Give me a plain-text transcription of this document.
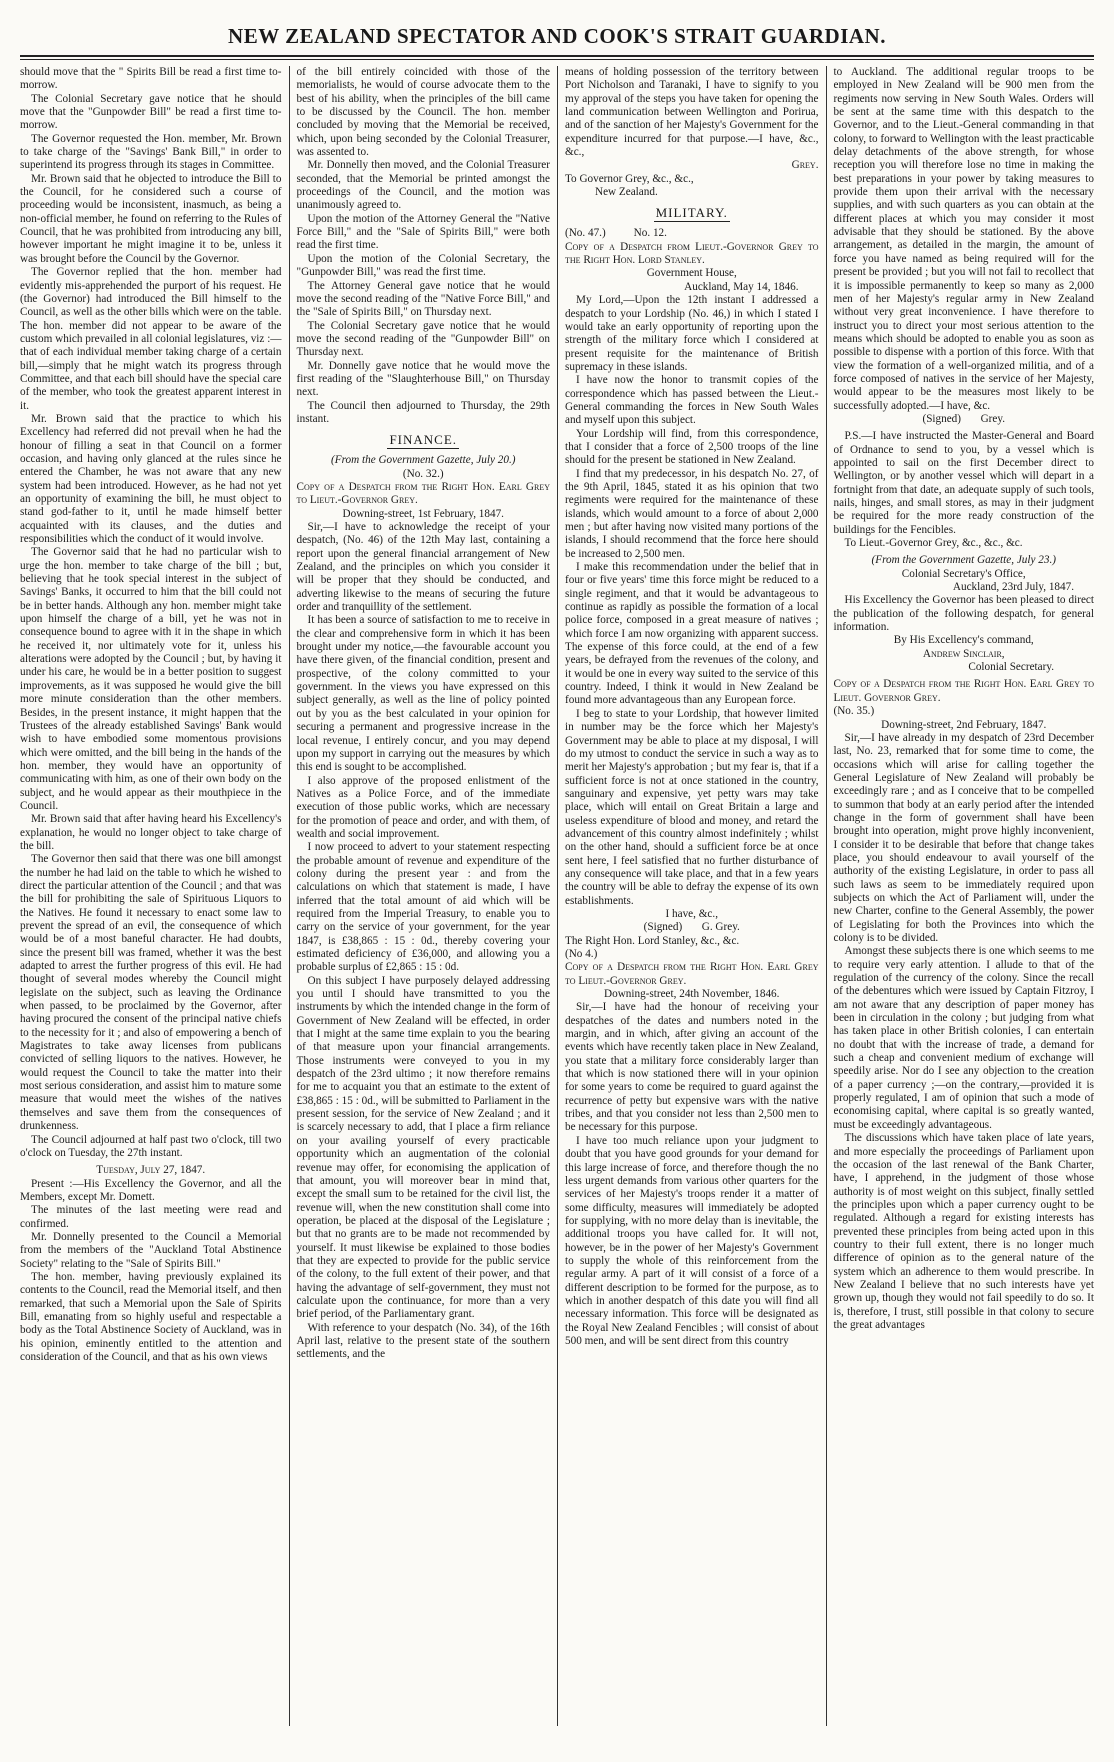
NEW ZEALAND SPECTATOR AND COOK'S STRAIT GUARDIAN.

should move that the " Spirits Bill be read a first time to-morrow.

The Colonial Secretary gave notice that he should move that the "Gunpowder Bill" be read a first time to-morrow.

The Governor requested the Hon. member, Mr. Brown to take charge of the "Savings' Bank Bill," in order to superintend its progress through its stages in Committee.

Mr. Brown said that he objected to introduce the Bill to the Council, for he considered such a course of proceeding would be inconsistent, inasmuch, as being a non-official member, he found on referring to the Rules of Council, that he was prohibited from introducing any bill, however important he might imagine it to be, unless it was brought before the Council by the Governor.

The Governor replied that the hon. member had evidently mis-apprehended the purport of his request. He (the Governor) had introduced the Bill himself to the Council, as well as the other bills which were on the table. The hon. member did not appear to be aware of the custom which prevailed in all colonial legislatures, viz :—that of each individual member taking charge of a certain bill,—simply that he might watch its progress through Committee, and that each bill should have the special care of the member, who took the greatest apparent interest in it.

Mr. Brown said that the practice to which his Excellency had referred did not prevail when he had the honour of filling a seat in that Council on a former occasion, and having only glanced at the rules since he entered the Chamber, he was not aware that any new system had been introduced. However, as he had not yet an opportunity of examining the bill, he must object to stand god-father to it, until he made himself better acquainted with its clauses, and the duties and responsibilities which the conduct of it would involve.

The Governor said that he had no particular wish to urge the hon. member to take charge of the bill ; but, believing that he took special interest in the subject of Savings' Banks, it occurred to him that the bill could not be in better hands. Although any hon. member might take upon himself the charge of a bill, yet he was not in consequence bound to agree with it in the shape in which he received it, nor ultimately vote for it, unless his alterations were adopted by the Council ; but, by having it under his care, he would be in a better position to suggest improvements, as it was supposed he would give the bill more minute consideration than the other members. Besides, in the present instance, it might happen that the Trustees of the already established Savings' Bank would wish to have embodied some momentous provisions which were omitted, and the bill being in the hands of the hon. member, they would have an opportunity of communicating with him, as one of their own body on the subject, and he would appear as their mouthpiece in the Council.

Mr. Brown said that after having heard his Excellency's explanation, he would no longer object to take charge of the bill.

The Governor then said that there was one bill amongst the number he had laid on the table to which he wished to direct the particular attention of the Council ; and that was the bill for prohibiting the sale of Spirituous Liquors to the Natives. He found it necessary to enact some law to prevent the spread of an evil, the consequence of which would be of a most baneful character. He had doubts, since the present bill was framed, whether it was the best adapted to arrest the further progress of this evil. He had thought of several modes whereby the Council might legislate on the subject, such as leaving the Ordinance when passed, to be proclaimed by the Governor, after having procured the consent of the principal native chiefs to the necessity for it ; and also of empowering a bench of Magistrates to take away licenses from publicans convicted of selling liquors to the natives. However, he would request the Council to take the matter into their most serious consideration, and assist him to mature some measure that would meet the wishes of the natives themselves and save them from the consequences of drunkenness.

The Council adjourned at half past two o'clock, till two o'clock on Tuesday, the 27th instant.

Tuesday, July 27, 1847.

Present :—His Excellency the Governor, and all the Members, except Mr. Domett.

The minutes of the last meeting were read and confirmed.

Mr. Donnelly presented to the Council a Memorial from the members of the "Auckland Total Abstinence Society" relating to the "Sale of Spirits Bill."

The hon. member, having previously explained its contents to the Council, read the Memorial itself, and then remarked, that such a Memorial upon the Sale of Spirits Bill, emanating from so highly useful and respectable a body as the Total Abstinence Society of Auckland, was in his opinion, eminently entitled to the attention and consideration of the Council, and that as his own views

of the bill entirely coincided with those of the memorialists, he would of course advocate them to the best of his ability, when the principles of the bill came to be discussed by the Council. The hon. member concluded by moving that the Memorial be received, which, upon being seconded by the Colonial Treasurer, was assented to.

Mr. Donnelly then moved, and the Colonial Treasurer seconded, that the Memorial be printed amongst the proceedings of the Council, and the motion was unanimously agreed to.

Upon the motion of the Attorney General the "Native Force Bill," and the "Sale of Spirits Bill," were both read the first time.

Upon the motion of the Colonial Secretary, the "Gunpowder Bill," was read the first time.

The Attorney General gave notice that he would move the second reading of the "Native Force Bill," and the "Sale of Spirits Bill," on Thursday next.

The Colonial Secretary gave notice that he would move the second reading of the "Gunpowder Bill" on Thursday next.

Mr. Donnelly gave notice that he would move the first reading of the "Slaughterhouse Bill," on Thursday next.

The Council then adjourned to Thursday, the 29th instant.

FINANCE.

(From the Government Gazette, July 20.)

(No. 32.)

Copy of a Despatch from the Right Hon. Earl Grey to Lieut.-Governor Grey.

Downing-street, 1st February, 1847.

Sir,—I have to acknowledge the receipt of your despatch, (No. 46) of the 12th May last, containing a report upon the general financial arrangement of New Zealand, and the principles on which you consider it will be proper that they should be conducted, and adverting likewise to the means of securing the future order and tranquillity of the settlement.

It has been a source of satisfaction to me to receive in the clear and comprehensive form in which it has been brought under my notice,—the favourable account you have there given, of the financial condition, present and prospective, of the colony committed to your government. In the views you have expressed on this subject generally, as well as the line of policy pointed out by you as the best calculated in your opinion for securing a permanent and progressive increase in the local revenue, I entirely concur, and you may depend upon my support in carrying out the measures by which this end is sought to be accomplished.

I also approve of the proposed enlistment of the Natives as a Police Force, and of the immediate execution of those public works, which are necessary for the promotion of peace and order, and with them, of wealth and social improvement.

I now proceed to advert to your statement respecting the probable amount of revenue and expenditure of the colony during the present year : and from the calculations on which that statement is made, I have inferred that the total amount of aid which will be required from the Imperial Treasury, to enable you to carry on the service of your government, for the year 1847, is £38,865 : 15 : 0d., thereby covering your estimated deficiency of £36,000, and allowing you a probable surplus of £2,865 : 15 : 0d.

On this subject I have purposely delayed addressing you until I should have transmitted to you the instruments by which the intended change in the form of Government of New Zealand will be effected, in order that I might at the same time explain to you the bearing of that measure upon your financial arrangements. Those instruments were conveyed to you in my despatch of the 23rd ultimo ; it now therefore remains for me to acquaint you that an estimate to the extent of £38,865 : 15 : 0d., will be submitted to Parliament in the present session, for the service of New Zealand ; and it is scarcely necessary to add, that I place a firm reliance on your availing yourself of every practicable opportunity which an augmentation of the colonial revenue may offer, for economising the application of that amount, you will moreover bear in mind that, except the small sum to be retained for the civil list, the revenue will, when the new constitution shall come into operation, be placed at the disposal of the Legislature ; but that no grants are to be made not recommended by yourself. It must likewise be explained to those bodies that they are expected to provide for the public service of the colony, to the full extent of their power, and that having the advantage of self-government, they must not calculate upon the continuance, for more than a very brief period, of the Parliamentary grant.

With reference to your despatch (No. 34), of the 16th April last, relative to the present state of the southern settlements, and the

means of holding possession of the territory between Port Nicholson and Taranaki, I have to signify to you my approval of the steps you have taken for opening the land communication between Wellington and Porirua, and of the sanction of her Majesty's Government for the expenditure incurred for that purpose.—I have, &c., &c.,

Grey.

To Governor Grey, &c., &c.,

New Zealand.

MILITARY.

(No. 47.)          No. 12.

Copy of a Despatch from Lieut.-Governor Grey to the Right Hon. Lord Stanley.

Government House,

Auckland, May 14, 1846.

My Lord,—Upon the 12th instant I addressed a despatch to your Lordship (No. 46,) in which I stated I would take an early opportunity of reporting upon the strength of the military force which I considered at present requisite for the maintenance of British supremacy in these islands.

I have now the honor to transmit copies of the correspondence which has passed between the Lieut.-General commanding the forces in New South Wales and myself upon this subject.

Your Lordship will find, from this correspondence, that I consider that a force of 2,500 troops of the line should for the present be stationed in New Zealand.

I find that my predecessor, in his despatch No. 27, of the 9th April, 1845, stated it as his opinion that two regiments were required for the maintenance of these islands, which would amount to a force of about 2,000 men ; but after having now visited many portions of the islands, I should recommend that the force here should be increased to 2,500 men.

I make this recommendation under the belief that in four or five years' time this force might be reduced to a single regiment, and that it would be advantageous to continue as rapidly as possible the formation of a local police force, composed in a great measure of natives ; which force I am now organizing with apparent success. The expense of this force could, at the end of a few years, be defrayed from the revenues of the colony, and it would be one in every way suited to the service of this country. Indeed, I think it would in New Zealand be found more advantageous than any European force.

I beg to state to your Lordship, that however limited in number may be the force which her Majesty's Government may be able to place at my disposal, I will do my utmost to conduct the service in such a way as to merit her Majesty's approbation ; but my fear is, that if a sufficient force is not at once stationed in the country, sanguinary and expensive, yet petty wars may take place, which will entail on Great Britain a large and useless expenditure of blood and money, and retard the advancement of this country almost indefinitely ; whilst on the other hand, should a sufficient force be at once sent here, I feel satisfied that no further disturbance of any consequence will take place, and that in a few years the country will be able to defray the expense of its own establishments.

I have, &c.,

(Signed)       G. Grey.

The Right Hon. Lord Stanley, &c., &c.

(No 4.)

Copy of a Despatch from the Right Hon. Earl Grey to Lieut.-Governor Grey.

Downing-street, 24th November, 1846.

Sir,—I have had the honour of receiving your despatches of the dates and numbers noted in the margin, and in which, after giving an account of the events which have recently taken place in New Zealand, you state that a military force considerably larger than that which is now stationed there will in your opinion for some years to come be required to guard against the recurrence of petty but expensive wars with the native tribes, and that you consider not less than 2,500 men to be necessary for this purpose.

I have too much reliance upon your judgment to doubt that you have good grounds for your demand for this large increase of force, and therefore though the no less urgent demands from various other quarters for the services of her Majesty's troops render it a matter of some difficulty, measures will immediately be adopted for supplying, with no more delay than is inevitable, the additional troops you have called for. It will not, however, be in the power of her Majesty's Government to supply the whole of this reinforcement from the regular army. A part of it will consist of a force of a different description to be formed for the purpose, as to which in another despatch of this date you will find all necessary information. This force will be designated as the Royal New Zealand Fencibles ; will consist of about 500 men, and will be sent direct from this country

to Auckland. The additional regular troops to be employed in New Zealand will be 900 men from the regiments now serving in New South Wales. Orders will be sent at the same time with this despatch to the Governor, and to the Lieut.-General commanding in that colony, to forward to Wellington with the least practicable delay detachments of the above strength, for whose reception you will therefore lose no time in making the best preparations in your power by taking measures to provide them upon their arrival with the necessary supplies, and with such quarters as you can obtain at the different places at which you may consider it most advisable that they should be stationed. By the above arrangement, as detailed in the margin, the amount of force you have named as being required will for the present be provided ; but you will not fail to recollect that it is impossible permanently to keep so many as 2,000 men of her Majesty's regular army in New Zealand without very great inconvenience. I have therefore to instruct you to direct your most serious attention to the means which should be adopted to enable you as soon as possible to dispense with a portion of this force. With that view the formation of a well-organized militia, and of a force composed of natives in the service of her Majesty, would appear to be the measures most likely to be successfully adopted.—I have, &c.

(Signed)       Grey.

P.S.—I have instructed the Master-General and Board of Ordnance to send to you, by a vessel which is appointed to sail on the first December direct to Wellington, or by another vessel which will depart in a fortnight from that date, an adequate supply of such tools, nails, hinges, and small stores, as may in their judgment be required for the more ready construction of the buildings for the Fencibles.

To Lieut.-Governor Grey, &c., &c., &c.

(From the Government Gazette, July 23.)

Colonial Secretary's Office,

Auckland, 23rd July, 1847.

His Excellency the Governor has been pleased to direct the publication of the following despatch, for general information.

By His Excellency's command,

Andrew Sinclair,

Colonial Secretary.

Copy of a Despatch from the Right Hon. Earl Grey to Lieut. Governor Grey.

(No. 35.)

Downing-street, 2nd February, 1847.

Sir,—I have already in my despatch of 23rd December last, No. 23, remarked that for some time to come, the occasions which will arise for calling together the General Legislature of New Zealand will probably be exceedingly rare ; and as I conceive that to be compelled to summon that body at an early period after the intended change in the form of government shall have been brought into operation, might prove highly inconvenient, I consider it to be desirable that before that change takes place, you should endeavour to avail yourself of the authority of the existing Legislature, in order to pass all such laws as seem to be immediately required upon subjects on which the Act of Parliament will, under the new Charter, confine to the General Assembly, the power of Legislating for both the Provinces into which the colony is to be divided.

Amongst these subjects there is one which seems to me to require very early attention. I allude to that of the regulation of the currency of the colony. Since the recall of the debentures which were issued by Captain Fitzroy, I am not aware that any description of paper money has been in circulation in the colony ; but judging from what has taken place in other British colonies, I can entertain no doubt that with the increase of trade, a demand for such a cheap and convenient medium of exchange will speedily arise. Nor do I see any objection to the creation of a paper currency ;—on the contrary,—provided it is properly regulated, I am of opinion that such a mode of economising capital, where capital is so greatly wanted, must be exceedingly advantageous.

The discussions which have taken place of late years, and more especially the proceedings of Parliament upon the occasion of the last renewal of the Bank Charter, have, I apprehend, in the judgment of those whose authority is of most weight on this subject, finally settled the principles upon which a paper currency ought to be regulated. Although a regard for existing interests has prevented these principles from being acted upon in this country to their full extent, there is no longer much difference of opinion as to the general nature of the system which an adherence to them would prescribe. In New Zealand I believe that no such interests have yet grown up, though they would not fail speedily to do so. It is, therefore, I trust, still possible in that colony to secure the great advantages
